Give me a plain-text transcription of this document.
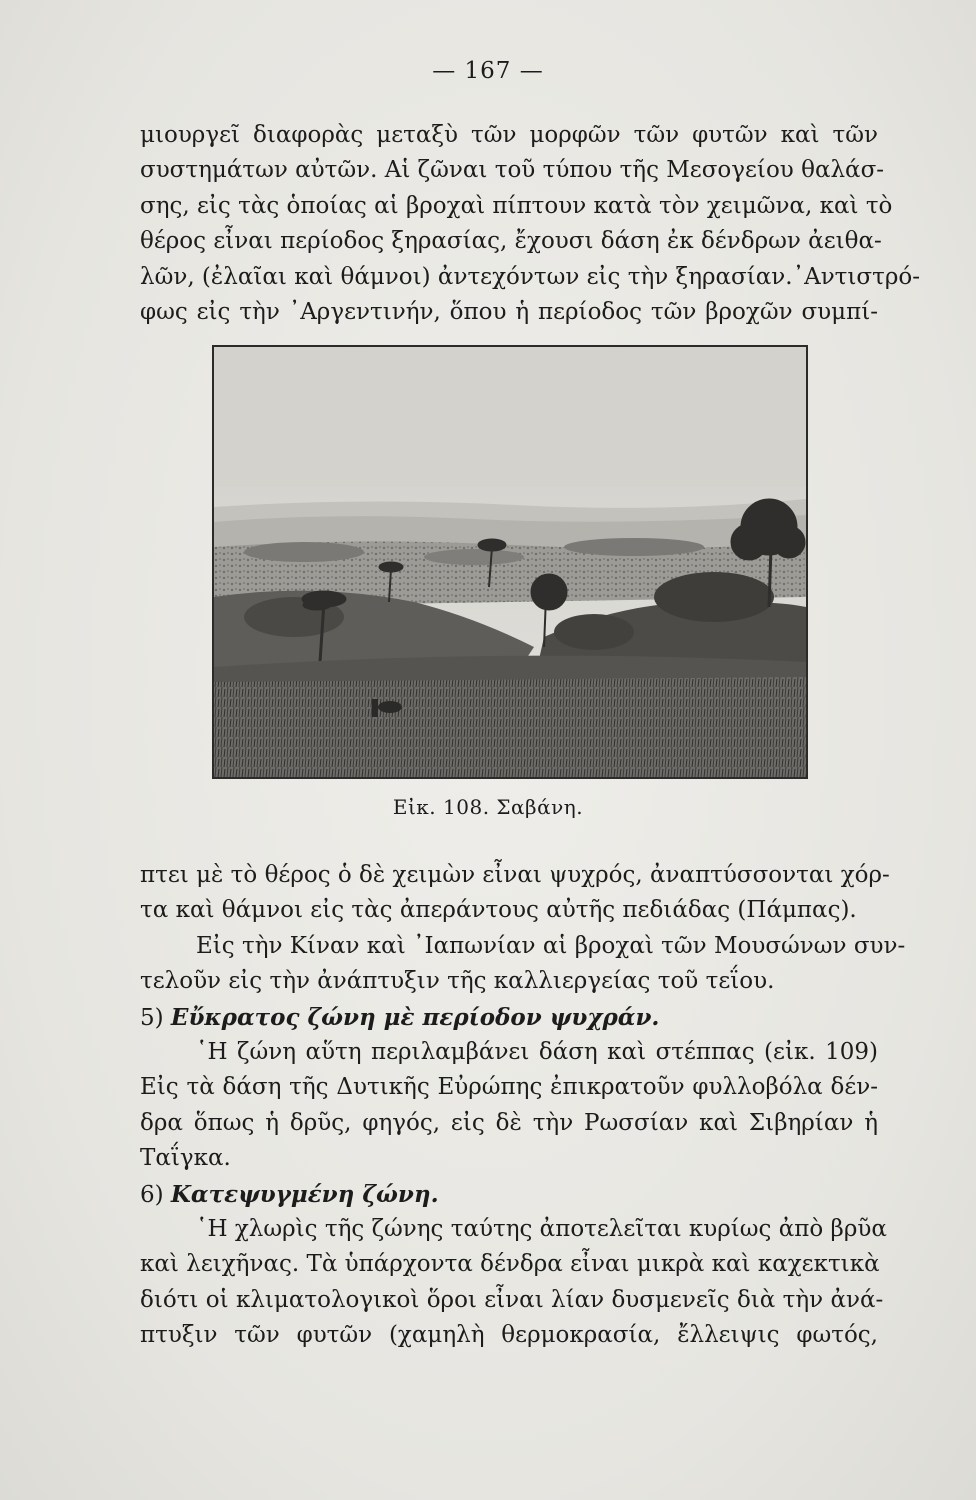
— 167 —
μιουργεῖ διαφορὰς μεταξὺ τῶν μορφῶν τῶν φυτῶν καὶ τῶν
συστημάτων αὐτῶν. Αἱ ζῶναι τοῦ τύπου τῆς Μεσογείου θαλάσ-
σης, εἰς τὰς ὁποίας αἱ βροχαὶ πίπτουν κατὰ τὸν χειμῶνα, καὶ τὸ
θέρος εἶναι περίοδος ξηρασίας, ἔχουσι δάση ἐκ δένδρων ἀειθα-
λῶν, (ἐλαῖαι καὶ θάμνοι) ἀντεχόντων εἰς τὴν ξηρασίαν.᾿Αντιστρό-
φως εἰς τὴν ᾿Αργεντινήν, ὅπου ἡ περίοδος τῶν βροχῶν συμπί-
Εἰκ. 108. Σαβάνη.
πτει μὲ τὸ θέρος ὁ δὲ χειμὼν εἶναι ψυχρός, ἀναπτύσσονται χόρ-
τα καὶ θάμνοι εἰς τὰς ἀπεράντους αὐτῆς πεδιάδας (Πάμπας).
Εἰς τὴν Κίναν καὶ ᾿Ιαπωνίαν αἱ βροχαὶ τῶν Μουσώνων συν-
τελοῦν εἰς τὴν ἀνάπτυξιν τῆς καλλιεργείας τοῦ τεΐου.
5) Εὔκρατος ζώνη μὲ περίοδον ψυχράν.
῾Η ζώνη αὕτη περιλαμβάνει δάση καὶ στέππας (εἰκ. 109)
Εἰς τὰ δάση τῆς Δυτικῆς Εὐρώπης ἐπικρατοῦν φυλλοβόλα δέν-
δρα ὅπως ἡ δρῦς, φηγός, εἰς δὲ τὴν Ρωσσίαν καὶ Σιβηρίαν ἡ
Ταΐγκα.
6) Κατεψυγμένη ζώνη.
῾Η χλωρὶς τῆς ζώνης ταύτης ἀποτελεῖται κυρίως ἀπὸ βρῦα
καὶ λειχῆνας. Τὰ ὑπάρχοντα δένδρα εἶναι μικρὰ καὶ καχεκτικὰ
διότι οἱ κλιματολογικοὶ ὅροι εἶναι λίαν δυσμενεῖς διὰ τὴν ἀνά-
πτυξιν τῶν φυτῶν (χαμηλὴ θερμοκρασία, ἔλλειψις φωτός,
